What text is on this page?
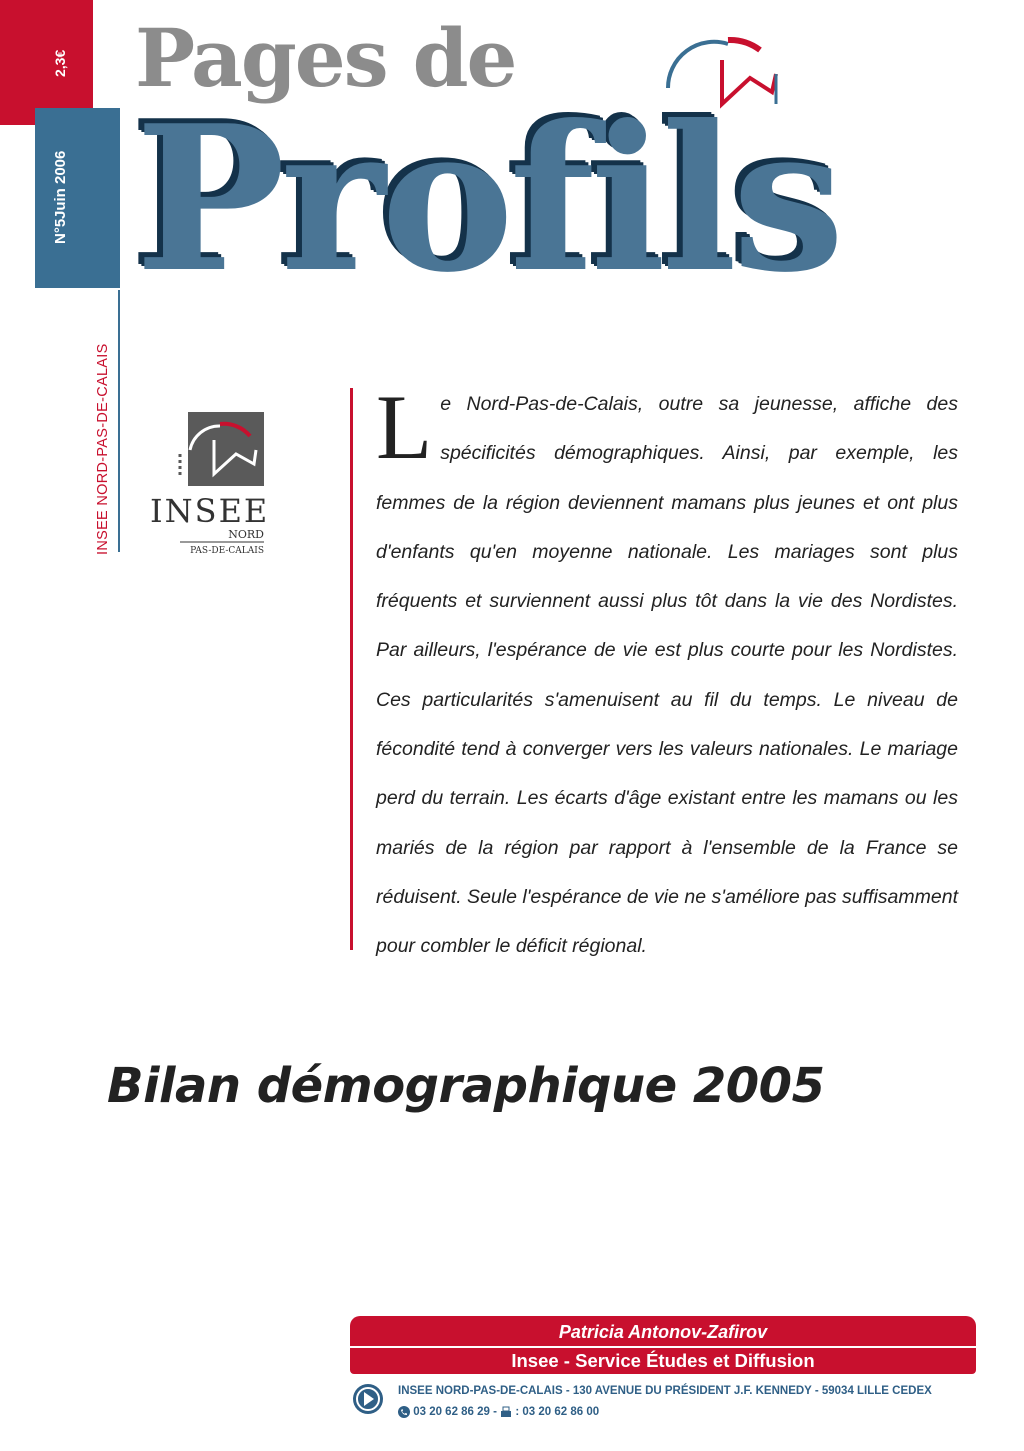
2,3€
N°5
Juin 2006
INSEE NORD-PAS-DE-CALAIS
Pages de
Profils
INSEE
NORD
PAS-DE-CALAIS

Le Nord-Pas-de-Calais, outre sa jeunesse, affiche des spécificités démographiques. Ainsi, par exemple, les femmes de la région deviennent mamans plus jeunes et ont plus d'enfants qu'en moyenne nationale. Les mariages sont plus fréquents et surviennent aussi plus tôt dans la vie des Nordistes. Par ailleurs, l'espérance de vie est plus courte pour les Nordistes. Ces particularités s'amenuisent au fil du temps. Le niveau de fécondité tend à converger vers les valeurs nationales. Le mariage perd du terrain. Les écarts d'âge existant entre les mamans ou les mariés de la région par rapport à l'ensemble de la France se réduisent. Seule l'espérance de vie ne s'améliore pas suffisamment pour combler le déficit régional.

Bilan démographique 2005
Patricia Antonov-Zafirov
Insee - Service Études et Diffusion
INSEE NORD-PAS-DE-CALAIS - 130 AVENUE DU PRÉSIDENT J.F. KENNEDY - 59034 LILLE CEDEX
03 20 62 86 29 - : 03 20 62 86 00
